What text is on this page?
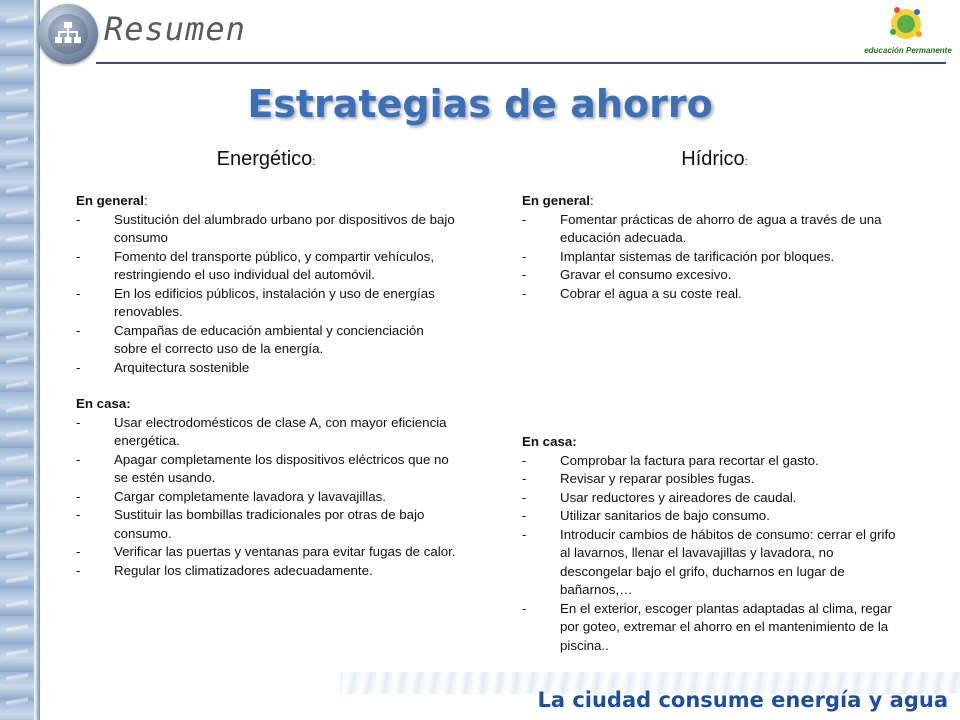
Resumen
educación Permanente
Estrategias de ahorro
Energético:
En general:
- Sustitución del alumbrado urbano por dispositivos de bajo consumo
- Fomento del transporte público, y compartir vehículos, restringiendo el uso individual del automóvil.
- En los edificios públicos, instalación y uso de energías renovables.
- Campañas de educación ambiental y concienciación sobre el correcto uso de la energía.
- Arquitectura sostenible
En casa:
- Usar electrodomésticos de clase A, con mayor eficiencia energética.
- Apagar completamente los dispositivos eléctricos que no se estén usando.
- Cargar completamente lavadora y lavavajillas.
- Sustituir las bombillas tradicionales por otras de bajo consumo.
- Verificar las puertas y ventanas para evitar fugas de calor.
- Regular los climatizadores adecuadamente.
Hídrico:
En general:
- Fomentar prácticas de ahorro de agua a través de una educación adecuada.
- Implantar sistemas de tarificación por bloques.
- Gravar el consumo excesivo.
- Cobrar el agua a su coste real.
En casa:
- Comprobar la factura para recortar el gasto.
- Revisar y reparar posibles fugas.
- Usar reductores y aireadores de caudal.
- Utilizar sanitarios de bajo consumo.
- Introducir cambios de hábitos de consumo: cerrar el grifo al lavarnos, llenar el lavavajillas y lavadora, no descongelar bajo el grifo, ducharnos en lugar de bañarnos,…
- En el exterior, escoger plantas adaptadas al clima, regar por goteo, extremar el ahorro en el mantenimiento de la piscina..
La ciudad consume energía y agua
